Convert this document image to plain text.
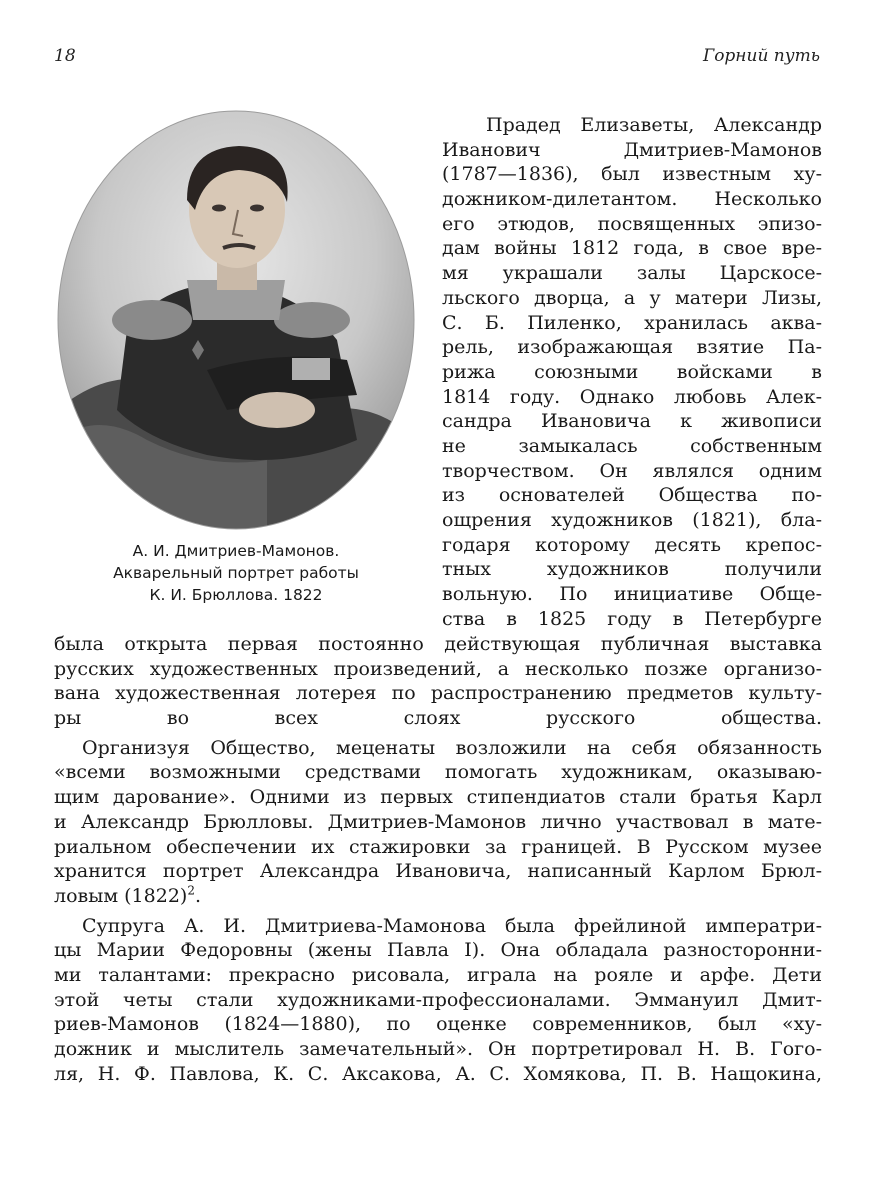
18	Горний путь
А. И. Дмитриев-Мамонов.
Акварельный портрет работы
К. И. Брюллова. 1822
Прадед Елизаветы, Александр
Иванович Дмитриев-Мамонов
(1787—1836), был известным ху-
дожником-дилетантом. Несколько
его этюдов, посвященных эпизо-
дам войны 1812 года, в свое вре-
мя украшали залы Царскосе-
льского дворца, а у матери Лизы,
С. Б. Пиленко, хранилась аква-
рель, изображающая взятие Па-
рижа союзными войсками в
1814 году. Однако любовь Алек-
сандра Ивановича к живописи
не замыкалась собственным
творчеством. Он являлся одним
из основателей Общества по-
ощрения художников (1821), бла-
годаря которому десять крепос-
тных художников получили
вольную. По инициативе Обще-
ства в 1825 году в Петербурге
была открыта первая постоянно действующая публичная выставка
русских художественных произведений, а несколько позже организо-
вана художественная лотерея по распространению предметов культу-
ры во всех слоях русского общества.
Организуя Общество, меценаты возложили на себя обязанность
«всеми возможными средствами помогать художникам, оказываю-
щим дарование». Одними из первых стипендиатов стали братья Карл
и Александр Брюлловы. Дмитриев-Мамонов лично участвовал в мате-
риальном обеспечении их стажировки за границей. В Русском музее
хранится портрет Александра Ивановича, написанный Карлом Брюл-
ловым $(1822)^2$.
Супруга А. И. Дмитриева-Мамонова была фрейлиной императри-
цы Марии Федоровны (жены Павла I). Она обладала разносторонни-
ми талантами: прекрасно рисовала, играла на рояле и арфе. Дети
этой четы стали художниками-профессионалами. Эммануил Дмит-
риев-Мамонов (1824—1880), по оценке современников, был «ху-
дожник и мыслитель замечательный». Он портретировал Н. В. Гого-
ля, Н. Ф. Павлова, К. С. Аксакова, А. С. Хомякова, П. В. Нащокина,
